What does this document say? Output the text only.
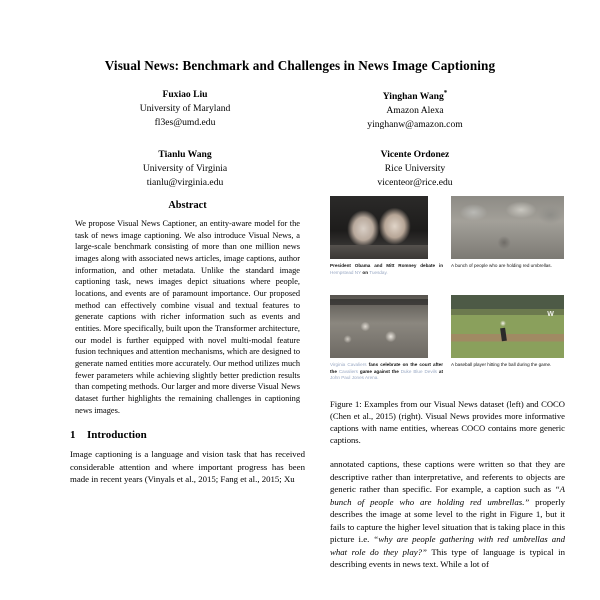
Visual News: Benchmark and Challenges in News Image Captioning
Fuxiao Liu
University of Maryland
fl3es@umd.edu
Yinghan Wang*
Amazon Alexa
yinghanw@amazon.com
Tianlu Wang
University of Virginia
tianlu@virginia.edu
Vicente Ordonez
Rice University
vicenteor@rice.edu
Abstract
We propose Visual News Captioner, an entity-aware model for the task of news image captioning. We also introduce Visual News, a large-scale benchmark consisting of more than one million news images along with associated news articles, image captions, author information, and other metadata. Unlike the standard image captioning task, news images depict situations where people, locations, and events are of paramount importance. Our proposed method can effectively combine visual and textual features to generate captions with richer information such as events and entities. More specifically, built upon the Transformer architecture, our model is further equipped with novel multi-modal feature fusion techniques and attention mechanisms, which are designed to generate named entities more accurately. Our method utilizes much fewer parameters while achieving slightly better prediction results than competing methods. Our larger and more diverse Visual News dataset further highlights the remaining challenges in captioning news images.
1 Introduction

Image captioning is a language and vision task that has received considerable attention and where important progress has been made in recent years (Vinyals et al., 2015; Fang et al., 2015; Xu

President Obama and Mitt Romney debate in Hempstead NY on Tuesday.
A bunch of people who are holding red umbrellas.
Virginia Cavaliers fans celebrate on the court after the Cavaliers game against the Duke Blue Devils at John Paul Jones Arena.
W
A baseball player hitting the ball during the game.
Figure 1: Examples from our Visual News dataset (left) and COCO (Chen et al., 2015) (right). Visual News provides more informative captions with name entities, whereas COCO contains more generic captions.

annotated captions, these captions were written so that they are descriptive rather than interpretative, and referents to objects are generic rather than specific. For example, a caption such as “A bunch of people who are holding red umbrellas.” properly describes the image at some level to the right in Figure 1, but it fails to capture the higher level situation that is taking place in this picture i.e. “why are people gathering with red umbrellas and what role do they play?” This type of language is typical in describing events in news text. While a lot of
